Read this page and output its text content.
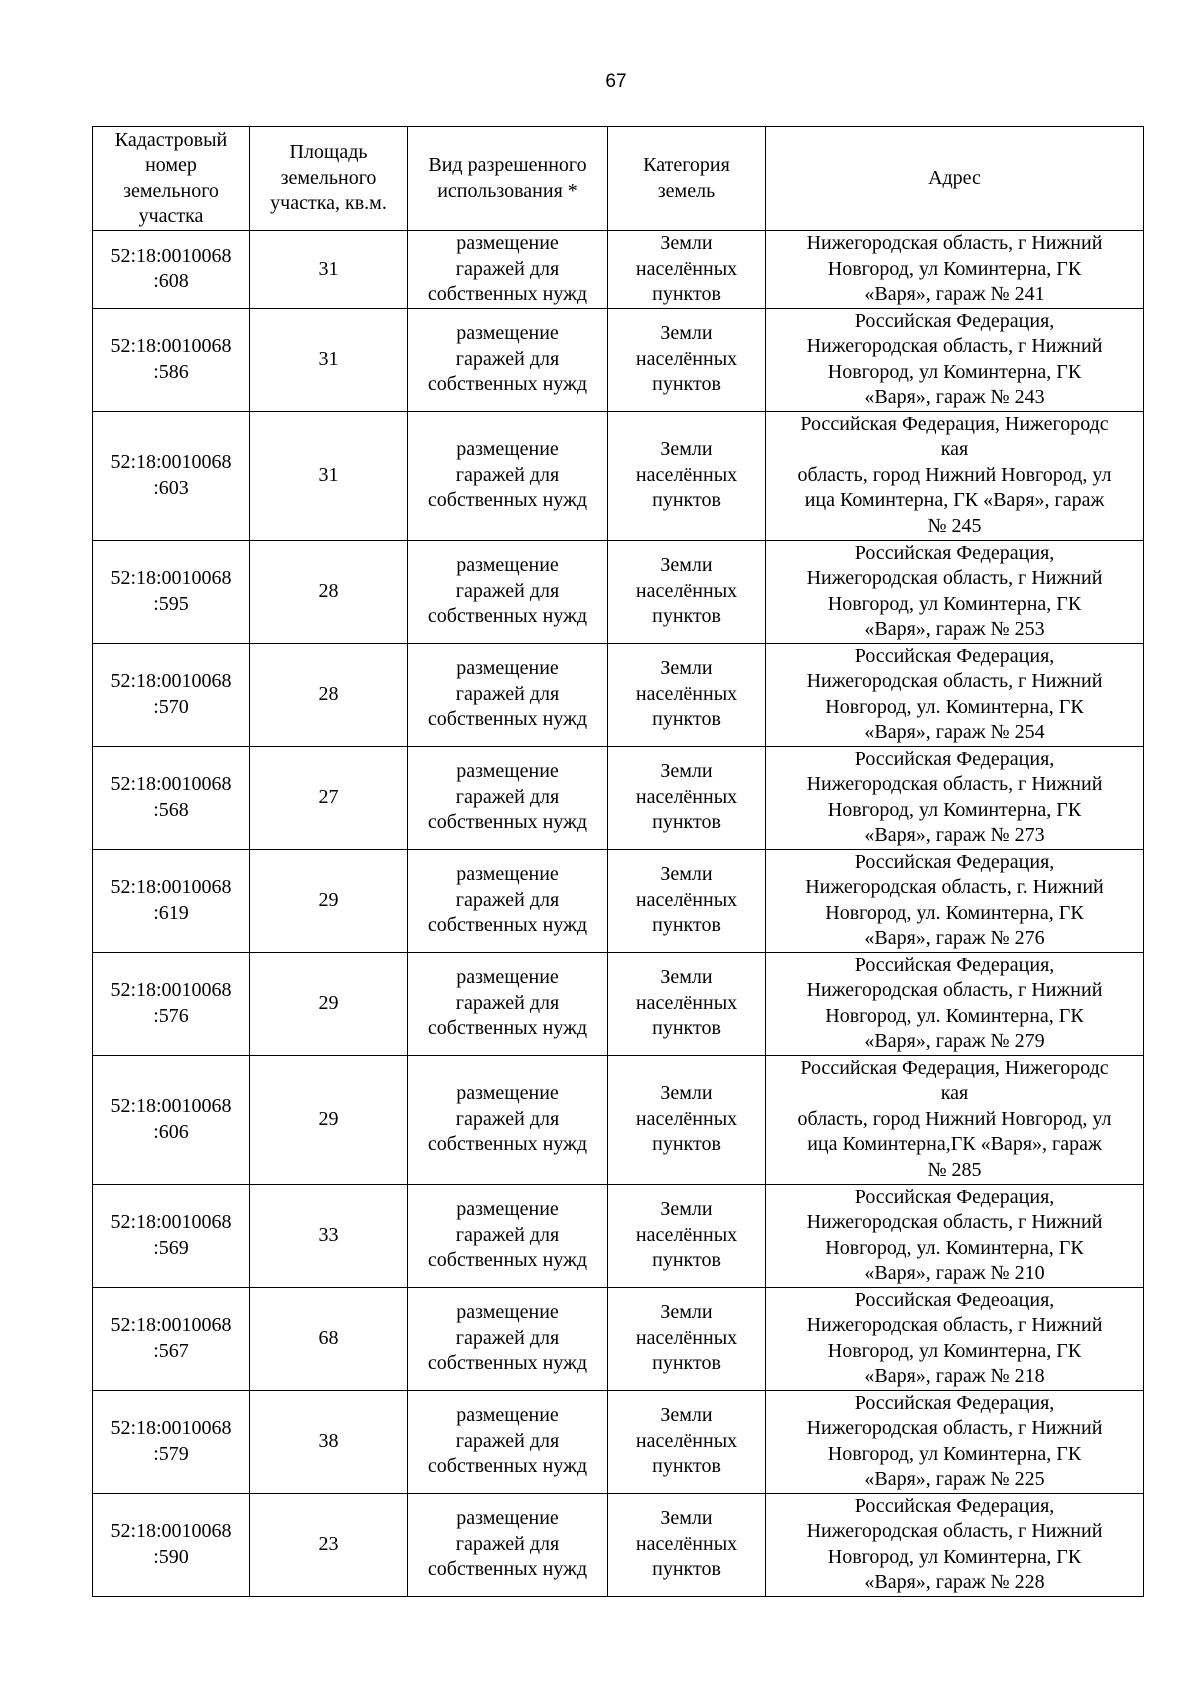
67
Кадастровый
номер
земельного
участка	Площадь
земельного
участка, кв.м.	Вид разрешенного
использования *	Категория
земель	Адрес

52:18:0010068
:608	31	размещение
гаражей для
собственных нужд	Земли
населённых
пунктов	Нижегородская область, г Нижний
Новгород, ул Коминтерна, ГК
«Варя», гараж № 241

52:18:0010068
:586	31	размещение
гаражей для
собственных нужд	Земли
населённых
пунктов	Российская Федерация,
Нижегородская область, г Нижний
Новгород, ул Коминтерна, ГК
«Варя», гараж № 243

52:18:0010068
:603	31	размещение
гаражей для
собственных нужд	Земли
населённых
пунктов	Российская Федерация, Нижегородс
кая
область, город Нижний Новгород, ул
ица Коминтерна, ГК «Варя», гараж
№ 245

52:18:0010068
:595	28	размещение
гаражей для
собственных нужд	Земли
населённых
пунктов	Российская Федерация,
Нижегородская область, г Нижний
Новгород, ул Коминтерна, ГК
«Варя», гараж № 253

52:18:0010068
:570	28	размещение
гаражей для
собственных нужд	Земли
населённых
пунктов	Российская Федерация,
Нижегородская область, г Нижний
Новгород, ул. Коминтерна, ГК
«Варя», гараж № 254

52:18:0010068
:568	27	размещение
гаражей для
собственных нужд	Земли
населённых
пунктов	Российская Федерация,
Нижегородская область, г Нижний
Новгород, ул Коминтерна, ГК
«Варя», гараж № 273

52:18:0010068
:619	29	размещение
гаражей для
собственных нужд	Земли
населённых
пунктов	Российская Федерация,
Нижегородская область, г. Нижний
Новгород, ул. Коминтерна, ГК
«Варя», гараж № 276

52:18:0010068
:576	29	размещение
гаражей для
собственных нужд	Земли
населённых
пунктов	Российская Федерация,
Нижегородская область, г Нижний
Новгород, ул. Коминтерна, ГК
«Варя», гараж № 279

52:18:0010068
:606	29	размещение
гаражей для
собственных нужд	Земли
населённых
пунктов	Российская Федерация, Нижегородс
кая
область, город Нижний Новгород, ул
ица Коминтерна,ГК «Варя», гараж
№ 285

52:18:0010068
:569	33	размещение
гаражей для
собственных нужд	Земли
населённых
пунктов	Российская Федерация,
Нижегородская область, г Нижний
Новгород, ул. Коминтерна, ГК
«Варя», гараж № 210

52:18:0010068
:567	68	размещение
гаражей для
собственных нужд	Земли
населённых
пунктов	Российская Федеоация,
Нижегородская область, г Нижний
Новгород, ул Коминтерна, ГК
«Варя», гараж № 218

52:18:0010068
:579	38	размещение
гаражей для
собственных нужд	Земли
населённых
пунктов	Российская Федерация,
Нижегородская область, г Нижний
Новгород, ул Коминтерна, ГК
«Варя», гараж № 225

52:18:0010068
:590	23	размещение
гаражей для
собственных нужд	Земли
населённых
пунктов	Российская Федерация,
Нижегородская область, г Нижний
Новгород, ул Коминтерна, ГК
«Варя», гараж № 228
